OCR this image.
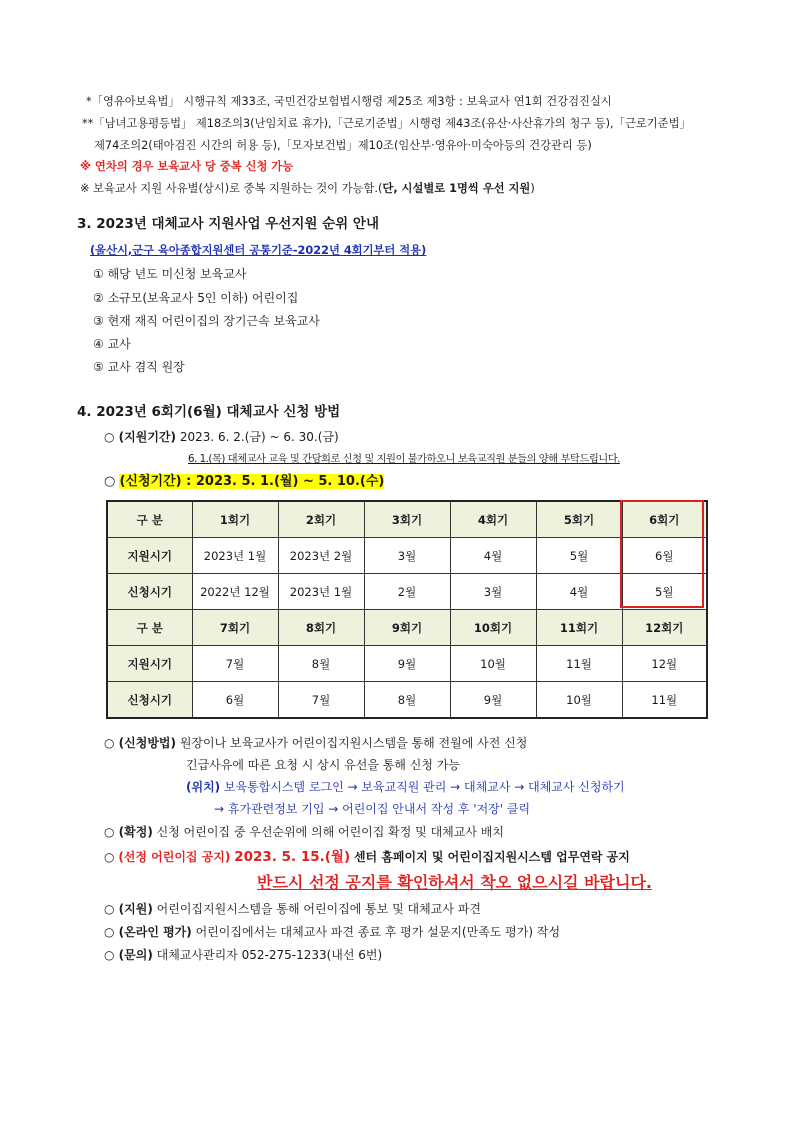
*「영유아보육법」 시행규칙 제33조, 국민건강보험법시행령 제25조 제3항 : 보육교사 연1회 건강검진실시
**「남녀고용평등법」 제18조의3(난임치료 휴가),「근로기준법」시행령 제43조(유산·사산휴가의 청구 등),「근로기준법」
제74조의2(태아검진 시간의 허용 등),「모자보건법」제10조(임산부·영유아·미숙아등의 건강관리 등)
※ 연차의 경우 보육교사 당 중복 신청 가능
※ 보육교사 지원 사유별(상시)로 중복 지원하는 것이 가능함.(단, 시설별로 1명씩 우선 지원)
3. 2023년 대체교사 지원사업 우선지원 순위 안내
(울산시,군구 육아종합지원센터 공통기준-2022년 4회기부터 적용)
① 해당 년도 미신청 보육교사
② 소규모(보육교사 5인 이하) 어린이집
③ 현재 재직 어린이집의 장기근속 보육교사
④ 교사
⑤ 교사 겸직 원장
4. 2023년 6회기(6월) 대체교사 신청 방법
○ (지원기간) 2023. 6. 2.(금) ~ 6. 30.(금)
6. 1.(목) 대체교사 교육 및 간담회로 신청 및 지원이 불가하오니 보육교직원 분들의 양해 부탁드립니다.
○ (신청기간) : 2023. 5. 1.(월) ~ 5. 10.(수)
구 분	1회기	2회기	3회기	4회기	5회기	6회기
지원시기	2023년 1월	2023년 2월	3월	4월	5월	6월
신청시기	2022년 12월	2023년 1월	2월	3월	4월	5월
구 분	7회기	8회기	9회기	10회기	11회기	12회기
지원시기	7월	8월	9월	10월	11월	12월
신청시기	6월	7월	8월	9월	10월	11월
○ (신청방법) 원장이나 보육교사가 어린이집지원시스템을 통해 전월에 사전 신청
긴급사유에 따른 요청 시 상시 유선을 통해 신청 가능
(위치) 보육통합시스템 로그인 → 보육교직원 관리 → 대체교사 → 대체교사 신청하기
→ 휴가관련정보 기입 → 어린이집 안내서 작성 후 '저장' 클릭
○ (확정) 신청 어린이집 중 우선순위에 의해 어린이집 확정 및 대체교사 배치
○ (선정 어린이집 공지) 2023. 5. 15.(월) 센터 홈페이지 및 어린이집지원시스템 업무연락 공지
반드시 선정 공지를 확인하셔서 착오 없으시길 바랍니다.
○ (지원) 어린이집지원시스템을 통해 어린이집에 통보 및 대체교사 파견
○ (온라인 평가) 어린이집에서는 대체교사 파견 종료 후 평가 설문지(만족도 평가) 작성
○ (문의) 대체교사관리자 052-275-1233(내선 6번)
